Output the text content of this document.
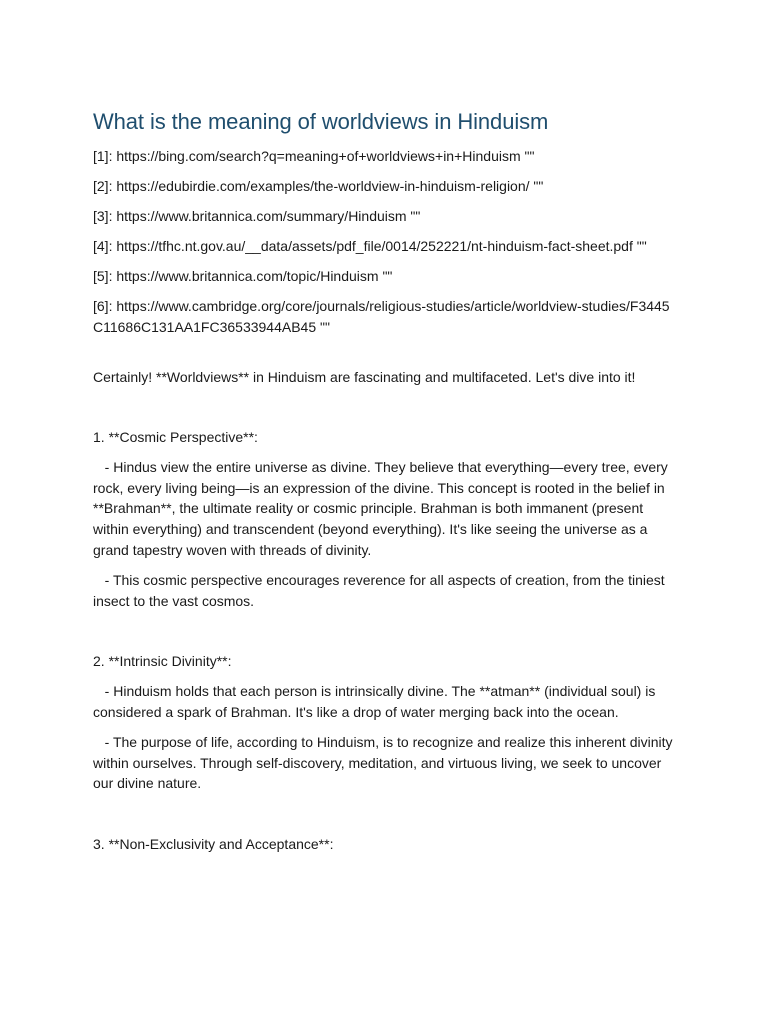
What is the meaning of worldviews in Hinduism

[1]: https://bing.com/search?q=meaning+of+worldviews+in+Hinduism ""

[2]: https://edubirdie.com/examples/the-worldview-in-hinduism-religion/ ""

[3]: https://www.britannica.com/summary/Hinduism ""

[4]: https://tfhc.nt.gov.au/__data/assets/pdf_file/0014/252221/nt-hinduism-fact-sheet.pdf ""

[5]: https://www.britannica.com/topic/Hinduism ""

[6]: https://www.cambridge.org/core/journals/religious-studies/article/worldview-studies/F3445C11686C131AA1FC36533944AB45 ""

Certainly! **Worldviews** in Hinduism are fascinating and multifaceted. Let's dive into it!

1. **Cosmic Perspective**:

- Hindus view the entire universe as divine. They believe that everything—every tree, every rock, every living being—is an expression of the divine. This concept is rooted in the belief in **Brahman**, the ultimate reality or cosmic principle. Brahman is both immanent (present within everything) and transcendent (beyond everything). It's like seeing the universe as a grand tapestry woven with threads of divinity.

- This cosmic perspective encourages reverence for all aspects of creation, from the tiniest insect to the vast cosmos.

2. **Intrinsic Divinity**:

- Hinduism holds that each person is intrinsically divine. The **atman** (individual soul) is considered a spark of Brahman. It's like a drop of water merging back into the ocean.

- The purpose of life, according to Hinduism, is to recognize and realize this inherent divinity within ourselves. Through self-discovery, meditation, and virtuous living, we seek to uncover our divine nature.

3. **Non-Exclusivity and Acceptance**:
